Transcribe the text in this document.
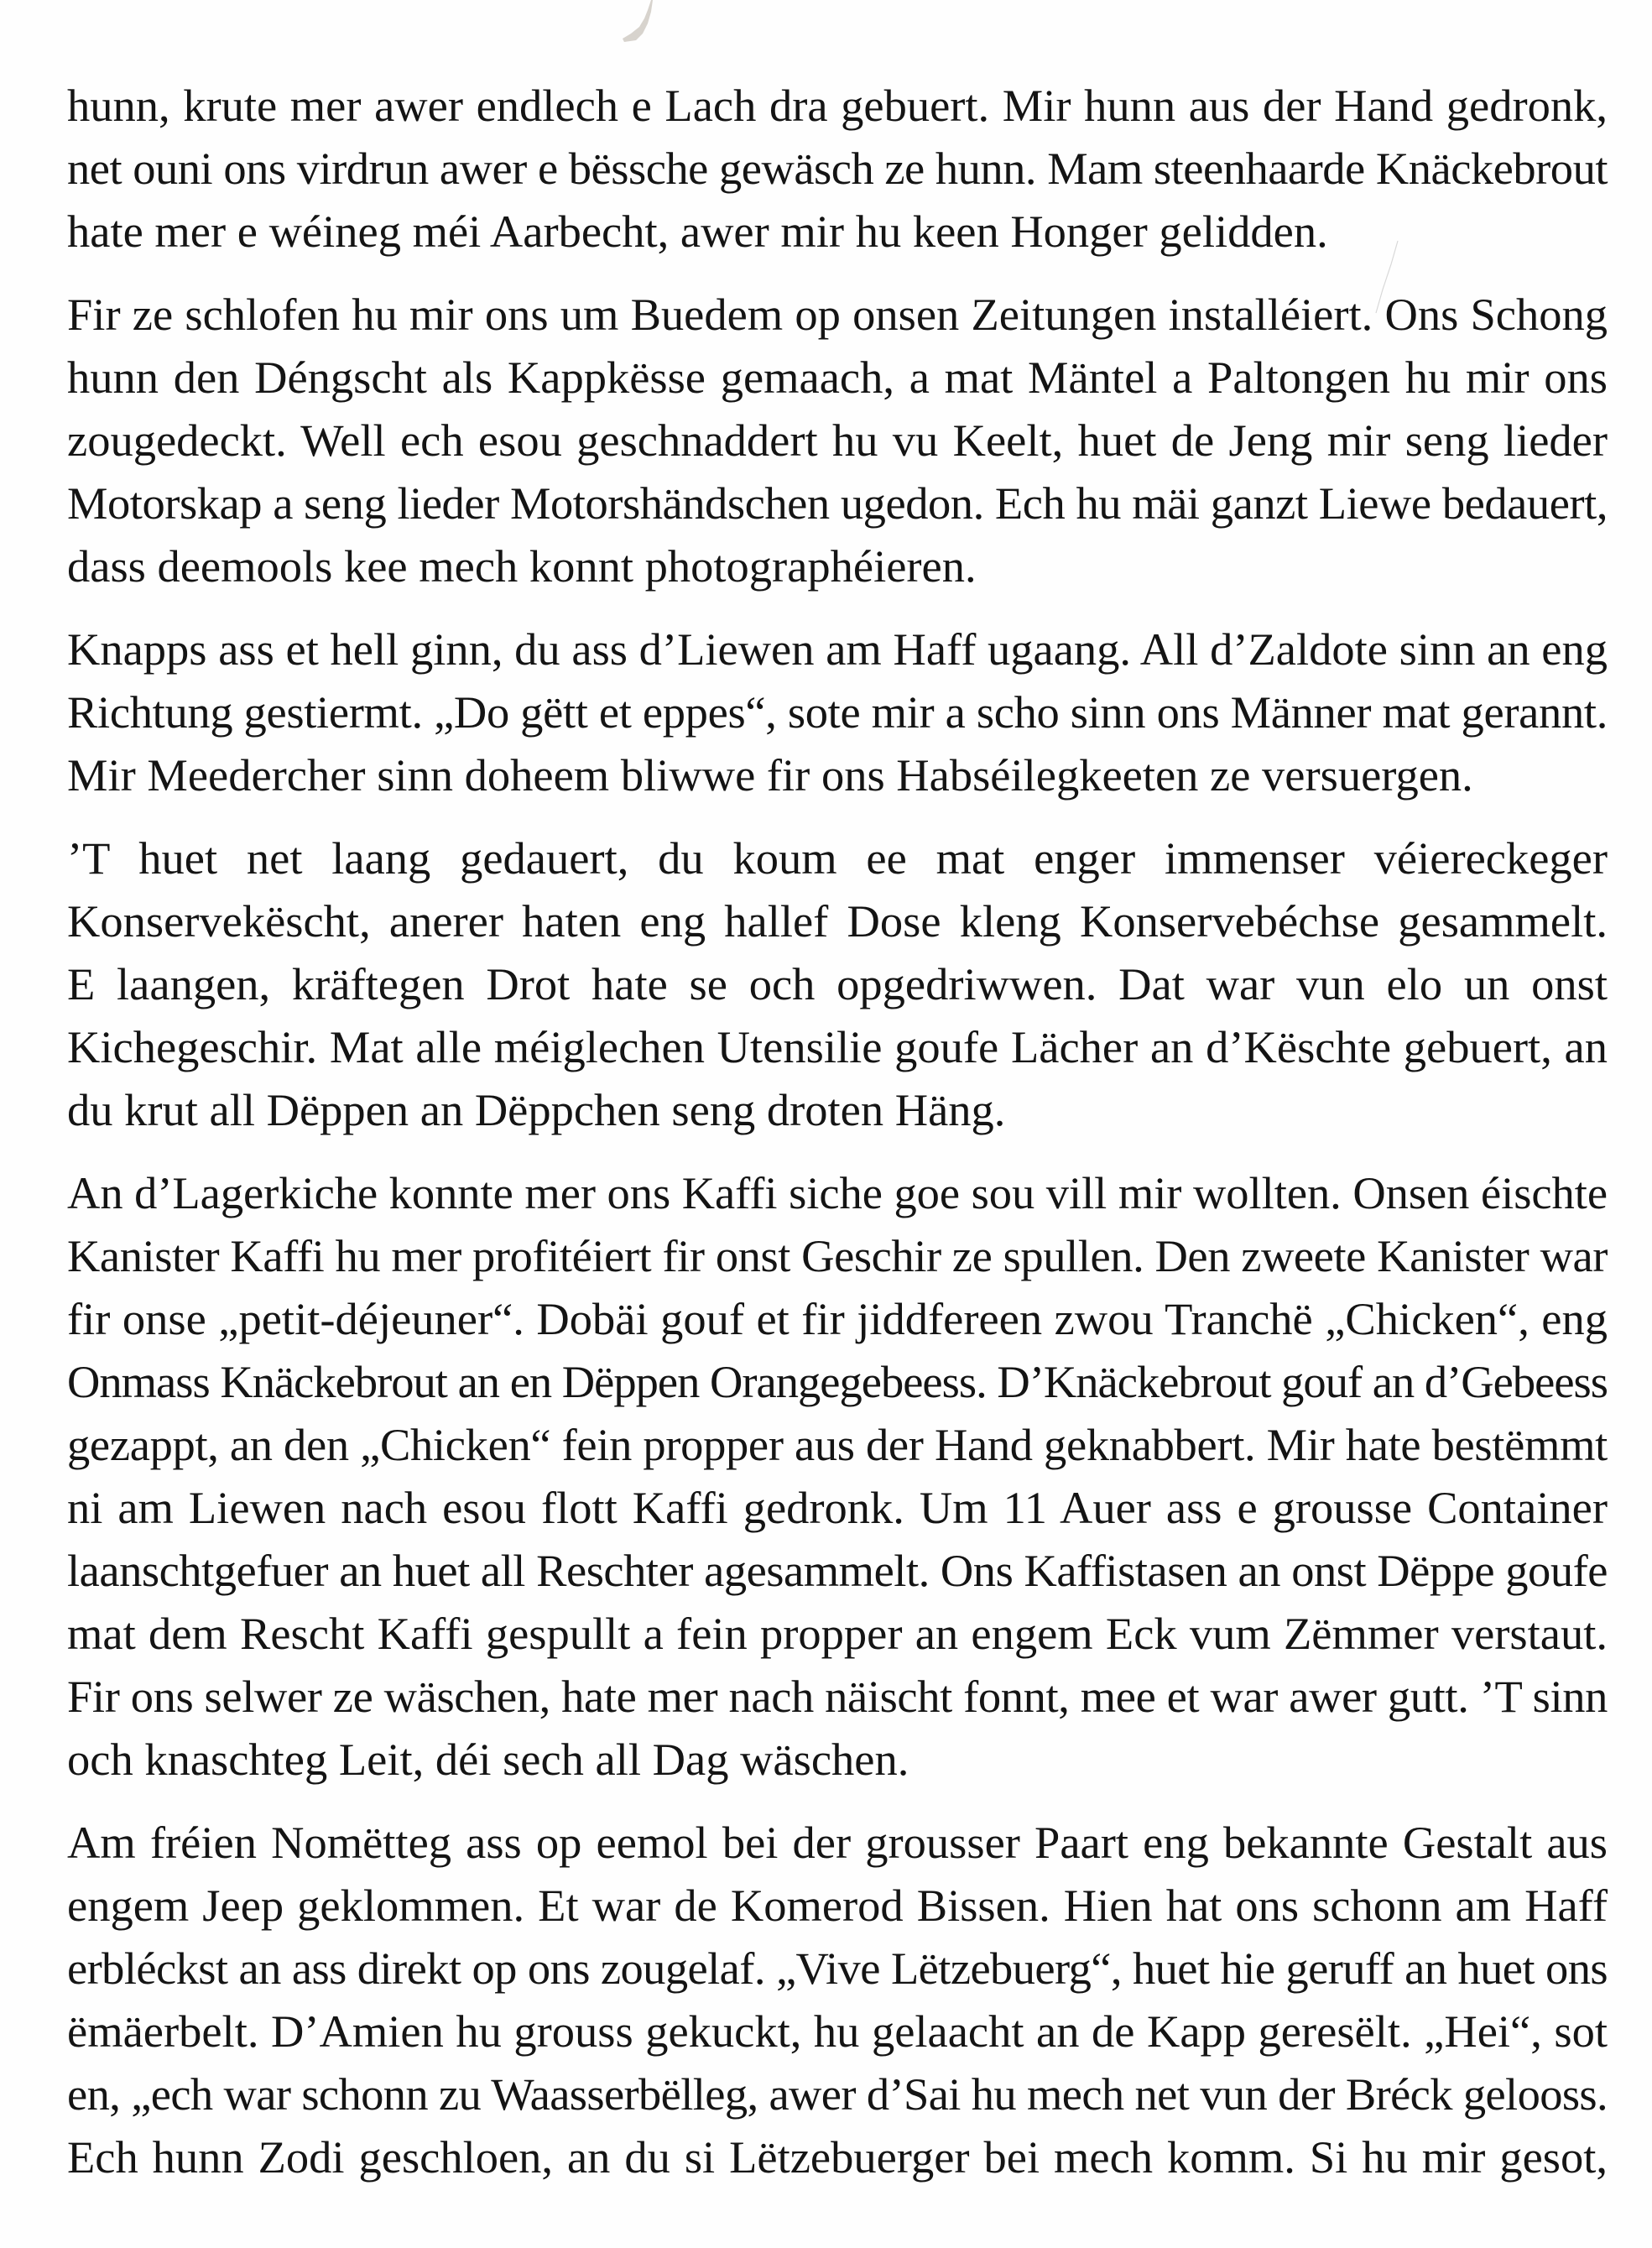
hunn, krute mer awer endlech e Lach dra gebuert. Mir hunn aus der Hand gedronk,
net ouni ons virdrun awer e bëssche gewäsch ze hunn. Mam steenhaarde Knäckebrout
hate mer e wéineg méi Aarbecht, awer mir hu keen Honger gelidden.

Fir ze schlofen hu mir ons um Buedem op onsen Zeitungen installéiert. Ons Schong
hunn den Déngscht als Kappkësse gemaach, a mat Mäntel a Paltongen hu mir ons
zougedeckt. Well ech esou geschnaddert hu vu Keelt, huet de Jeng mir seng lieder
Motorskap a seng lieder Motorshändschen ugedon. Ech hu mäi ganzt Liewe bedauert,
dass deemools kee mech konnt photographéieren.

Knapps ass et hell ginn, du ass d’Liewen am Haff ugaang. All d’Zaldote sinn an eng
Richtung gestiermt. „Do gëtt et eppes“, sote mir a scho sinn ons Männer mat gerannt.
Mir Meedercher sinn doheem bliwwe fir ons Habséilegkeeten ze versuergen.

’T huet net laang gedauert, du koum ee mat enger immenser véiereckeger
Konservekëscht, anerer haten eng hallef Dose kleng Konservebéchse gesammelt.
E laangen, kräftegen Drot hate se och opgedriwwen. Dat war vun elo un onst
Kichegeschir. Mat alle méiglechen Utensilie goufe Lächer an d’Këschte gebuert, an
du krut all Dëppen an Dëppchen seng droten Häng.

An d’Lagerkiche konnte mer ons Kaffi siche goe sou vill mir wollten. Onsen éischte
Kanister Kaffi hu mer profitéiert fir onst Geschir ze spullen. Den zweete Kanister war
fir onse „petit-déjeuner“. Dobäi gouf et fir jiddfereen zwou Tranchë „Chicken“, eng
Onmass Knäckebrout an en Dëppen Orangegebeess. D’Knäckebrout gouf an d’Gebeess
gezappt, an den „Chicken“ fein propper aus der Hand geknabbert. Mir hate bestëmmt
ni am Liewen nach esou flott Kaffi gedronk. Um 11 Auer ass e grousse Container
laanschtgefuer an huet all Reschter agesammelt. Ons Kaffistasen an onst Dëppe goufe
mat dem Rescht Kaffi gespullt a fein propper an engem Eck vum Zëmmer verstaut.
Fir ons selwer ze wäschen, hate mer nach näischt fonnt, mee et war awer gutt. ’T sinn
och knaschteg Leit, déi sech all Dag wäschen.

Am fréien Nomëtteg ass op eemol bei der grousser Paart eng bekannte Gestalt aus
engem Jeep geklommen. Et war de Komerod Bissen. Hien hat ons schonn am Haff
erbléckst an ass direkt op ons zougelaf. „Vive Lëtzebuerg“, huet hie geruff an huet ons
ëmäerbelt. D’Amien hu grouss gekuckt, hu gelaacht an de Kapp geresëlt. „Hei“, sot
en, „ech war schonn zu Waasserbëlleg, awer d’Sai hu mech net vun der Bréck gelooss.
Ech hunn Zodi geschloen, an du si Lëtzebuerger bei mech komm. Si hu mir gesot,
